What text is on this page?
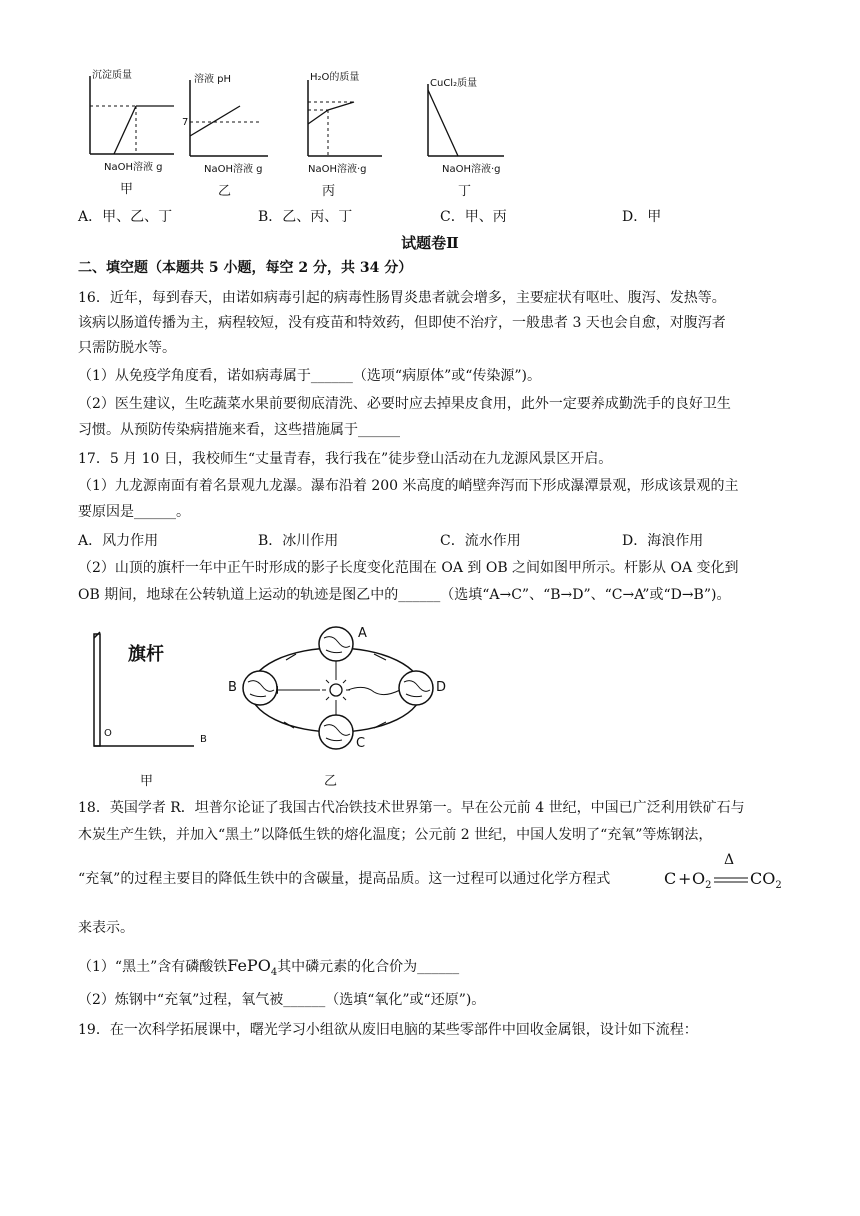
沉淀质量
NaOH溶液 g
甲
溶液 pH
7
NaOH溶液 g
乙
H₂O的质量
NaOH溶液·g
丙
CuCl₂质量
NaOH溶液·g
丁
A．甲、乙、丁	B．乙、丙、丁	C．甲、丙	D．甲
试题卷Ⅱ
二、填空题（本题共 5 小题，每空 2 分，共 34 分）
16．近年，每到春天，由诺如病毒引起的病毒性肠胃炎患者就会增多，主要症状有呕吐、腹泻、发热等。
该病以肠道传播为主，病程较短，没有疫苗和特效药，但即使不治疗，一般患者 3 天也会自愈，对腹泻者
只需防脱水等。
（1）从免疫学角度看，诺如病毒属于______（选项“病原体”或“传染源”)。
（2）医生建议，生吃蔬菜水果前要彻底清洗、必要时应去掉果皮食用，此外一定要养成勤洗手的良好卫生
习惯。从预防传染病措施来看，这些措施属于______
17．5 月 10 日，我校师生“丈量青春，我行我在”徒步登山活动在九龙源风景区开启。
（1）九龙源南面有着名景观九龙瀑。瀑布沿着 200 米高度的峭壁奔泻而下形成瀑潭景观，形成该景观的主
要原因是______。
A．风力作用	B．冰川作用	C．流水作用	D．海浪作用
（2）山顶的旗杆一年中正午时形成的影子长度变化范围在 OA 到 OB 之间如图甲所示。杆影从 OA 变化到
OB 期间，地球在公转轨道上运动的轨迹是图乙中的______（选填“A→C”、“B→D”、“C→A”或“D→B”)。
旗杆
O
B
A
B
C
D
甲	乙
18．英国学者 R．坦普尔论证了我国古代冶铁技术世界第一。早在公元前 4 世纪，中国已广泛利用铁矿石与
木炭生产生铁，并加入“黑土”以降低生铁的熔化温度；公元前 2 世纪，中国人发明了“充氧”等炼钢法，
“充氧”的过程主要目的降低生铁中的含碳量，提高品质。这一过程可以通过化学方程式	$C + O_2$
Δ
$CO_2$
来表示。
（1）“黑土”含有磷酸铁FePO$_4$其中磷元素的化合价为______
（2）炼钢中“充氧”过程，氧气被______（选填“氧化”或“还原”)。
19．在一次科学拓展课中，曙光学习小组欲从废旧电脑的某些零部件中回收金属银，设计如下流程：
